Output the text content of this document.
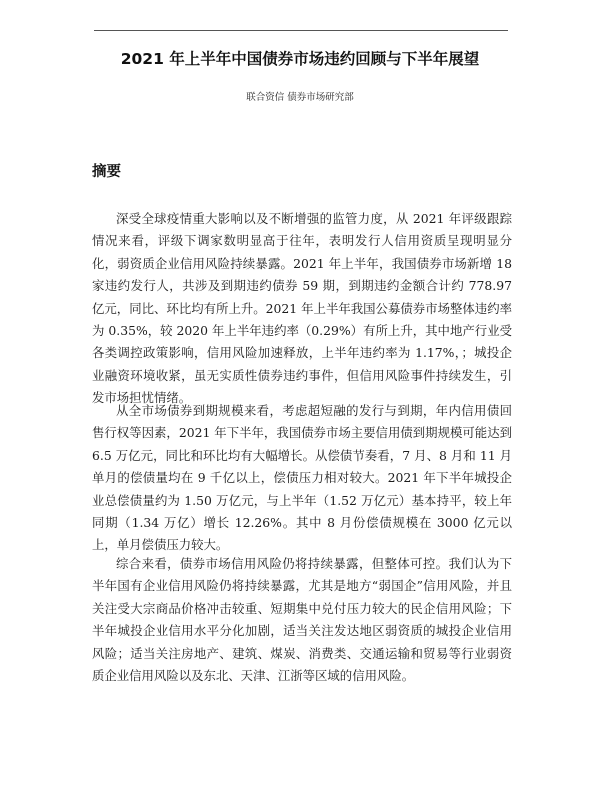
2021 年上半年中国债券市场违约回顾与下半年展望

联合资信 债券市场研究部

摘要

深受全球疫情重大影响以及不断增强的监管力度，从 2021 年评级跟踪情况来看，评级下调家数明显高于往年，表明发行人信用资质呈现明显分化，弱资质企业信用风险持续暴露。2021 年上半年，我国债券市场新增 18 家违约发行人，共涉及到期违约债券 59 期，到期违约金额合计约 778.97 亿元，同比、环比均有所上升。2021 年上半年我国公募债券市场整体违约率为 0.35%，较 2020 年上半年违约率（0.29%）有所上升，其中地产行业受各类调控政策影响，信用风险加速释放，上半年违约率为 1.17%，；城投企业融资环境收紧，虽无实质性债券违约事件，但信用风险事件持续发生，引发市场担忧情绪。

从全市场债券到期规模来看，考虑超短融的发行与到期，年内信用债回售行权等因素，2021 年下半年，我国债券市场主要信用债到期规模可能达到 6.5 万亿元，同比和环比均有大幅增长。从偿债节奏看，7 月、8 月和 11 月单月的偿债量均在 9 千亿以上，偿债压力相对较大。2021 年下半年城投企业总偿债量约为 1.50 万亿元，与上半年（1.52 万亿元）基本持平，较上年同期（1.34 万亿）增长 12.26%。其中 8 月份偿债规模在 3000 亿元以上，单月偿债压力较大。

综合来看，债券市场信用风险仍将持续暴露，但整体可控。我们认为下半年国有企业信用风险仍将持续暴露，尤其是地方“弱国企”信用风险，并且关注受大宗商品价格冲击较重、短期集中兑付压力较大的民企信用风险；下半年城投企业信用水平分化加剧，适当关注发达地区弱资质的城投企业信用风险；适当关注房地产、建筑、煤炭、消费类、交通运输和贸易等行业弱资质企业信用风险以及东北、天津、江浙等区域的信用风险。
